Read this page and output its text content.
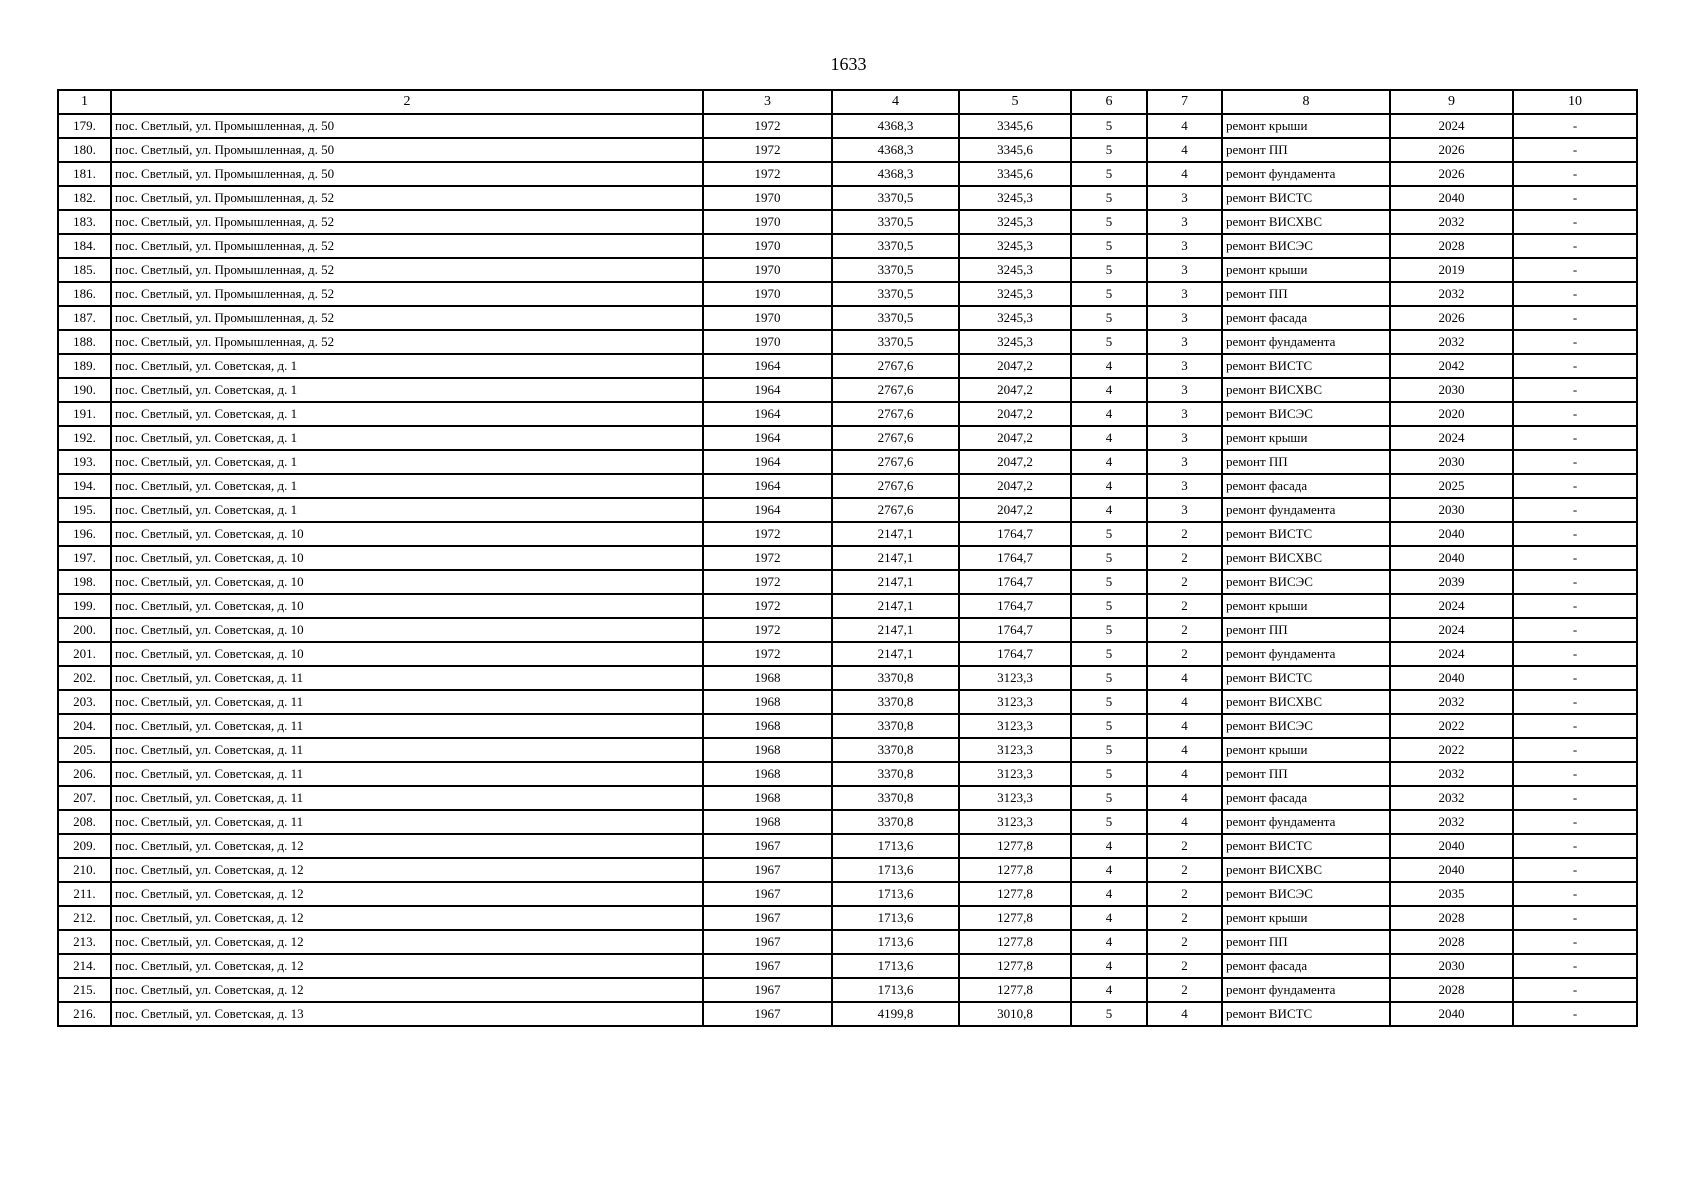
1633
1	2	3	4	5	6	7	8	9	10
179.	пос. Светлый, ул. Промышленная, д. 50	1972	4368,3	3345,6	5	4	ремонт крыши	2024	-
180.	пос. Светлый, ул. Промышленная, д. 50	1972	4368,3	3345,6	5	4	ремонт ПП	2026	-
181.	пос. Светлый, ул. Промышленная, д. 50	1972	4368,3	3345,6	5	4	ремонт фундамента	2026	-
182.	пос. Светлый, ул. Промышленная, д. 52	1970	3370,5	3245,3	5	3	ремонт ВИСТС	2040	-
183.	пос. Светлый, ул. Промышленная, д. 52	1970	3370,5	3245,3	5	3	ремонт ВИСХВС	2032	-
184.	пос. Светлый, ул. Промышленная, д. 52	1970	3370,5	3245,3	5	3	ремонт ВИСЭС	2028	-
185.	пос. Светлый, ул. Промышленная, д. 52	1970	3370,5	3245,3	5	3	ремонт крыши	2019	-
186.	пос. Светлый, ул. Промышленная, д. 52	1970	3370,5	3245,3	5	3	ремонт ПП	2032	-
187.	пос. Светлый, ул. Промышленная, д. 52	1970	3370,5	3245,3	5	3	ремонт фасада	2026	-
188.	пос. Светлый, ул. Промышленная, д. 52	1970	3370,5	3245,3	5	3	ремонт фундамента	2032	-
189.	пос. Светлый, ул. Советская, д. 1	1964	2767,6	2047,2	4	3	ремонт ВИСТС	2042	-
190.	пос. Светлый, ул. Советская, д. 1	1964	2767,6	2047,2	4	3	ремонт ВИСХВС	2030	-
191.	пос. Светлый, ул. Советская, д. 1	1964	2767,6	2047,2	4	3	ремонт ВИСЭС	2020	-
192.	пос. Светлый, ул. Советская, д. 1	1964	2767,6	2047,2	4	3	ремонт крыши	2024	-
193.	пос. Светлый, ул. Советская, д. 1	1964	2767,6	2047,2	4	3	ремонт ПП	2030	-
194.	пос. Светлый, ул. Советская, д. 1	1964	2767,6	2047,2	4	3	ремонт фасада	2025	-
195.	пос. Светлый, ул. Советская, д. 1	1964	2767,6	2047,2	4	3	ремонт фундамента	2030	-
196.	пос. Светлый, ул. Советская, д. 10	1972	2147,1	1764,7	5	2	ремонт ВИСТС	2040	-
197.	пос. Светлый, ул. Советская, д. 10	1972	2147,1	1764,7	5	2	ремонт ВИСХВС	2040	-
198.	пос. Светлый, ул. Советская, д. 10	1972	2147,1	1764,7	5	2	ремонт ВИСЭС	2039	-
199.	пос. Светлый, ул. Советская, д. 10	1972	2147,1	1764,7	5	2	ремонт крыши	2024	-
200.	пос. Светлый, ул. Советская, д. 10	1972	2147,1	1764,7	5	2	ремонт ПП	2024	-
201.	пос. Светлый, ул. Советская, д. 10	1972	2147,1	1764,7	5	2	ремонт фундамента	2024	-
202.	пос. Светлый, ул. Советская, д. 11	1968	3370,8	3123,3	5	4	ремонт ВИСТС	2040	-
203.	пос. Светлый, ул. Советская, д. 11	1968	3370,8	3123,3	5	4	ремонт ВИСХВС	2032	-
204.	пос. Светлый, ул. Советская, д. 11	1968	3370,8	3123,3	5	4	ремонт ВИСЭС	2022	-
205.	пос. Светлый, ул. Советская, д. 11	1968	3370,8	3123,3	5	4	ремонт крыши	2022	-
206.	пос. Светлый, ул. Советская, д. 11	1968	3370,8	3123,3	5	4	ремонт ПП	2032	-
207.	пос. Светлый, ул. Советская, д. 11	1968	3370,8	3123,3	5	4	ремонт фасада	2032	-
208.	пос. Светлый, ул. Советская, д. 11	1968	3370,8	3123,3	5	4	ремонт фундамента	2032	-
209.	пос. Светлый, ул. Советская, д. 12	1967	1713,6	1277,8	4	2	ремонт ВИСТС	2040	-
210.	пос. Светлый, ул. Советская, д. 12	1967	1713,6	1277,8	4	2	ремонт ВИСХВС	2040	-
211.	пос. Светлый, ул. Советская, д. 12	1967	1713,6	1277,8	4	2	ремонт ВИСЭС	2035	-
212.	пос. Светлый, ул. Советская, д. 12	1967	1713,6	1277,8	4	2	ремонт крыши	2028	-
213.	пос. Светлый, ул. Советская, д. 12	1967	1713,6	1277,8	4	2	ремонт ПП	2028	-
214.	пос. Светлый, ул. Советская, д. 12	1967	1713,6	1277,8	4	2	ремонт фасада	2030	-
215.	пос. Светлый, ул. Советская, д. 12	1967	1713,6	1277,8	4	2	ремонт фундамента	2028	-
216.	пос. Светлый, ул. Советская, д. 13	1967	4199,8	3010,8	5	4	ремонт ВИСТС	2040	-
